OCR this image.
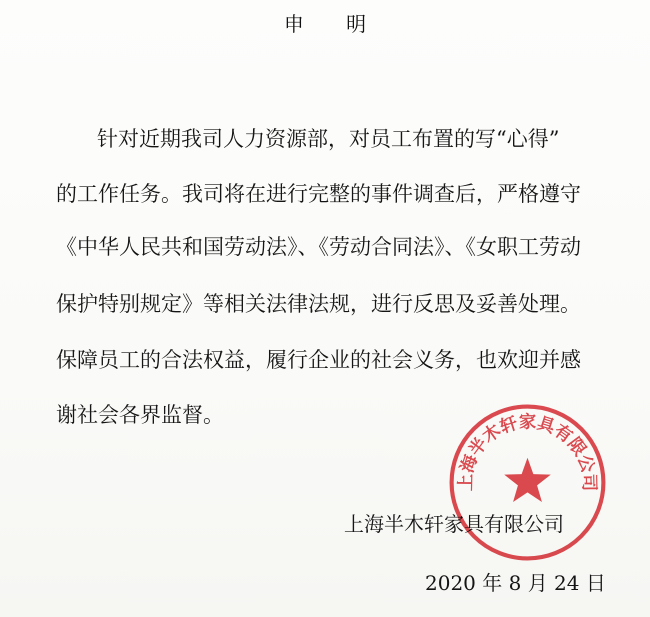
申 明
针对近期我司人力资源部，对员工布置的写“心得”
的工作任务。我司将在进行完整的事件调查后，严格遵守
《中华人民共和国劳动法》、《劳动合同法》、《女职工劳动
保护特别规定》等相关法律法规，进行反思及妥善处理。
保障员工的合法权益，履行企业的社会义务，也欢迎并感
谢社会各界监督。
上海半木轩家具有限公司
2020 年 8 月 24 日
上海半木轩家具有限公司
